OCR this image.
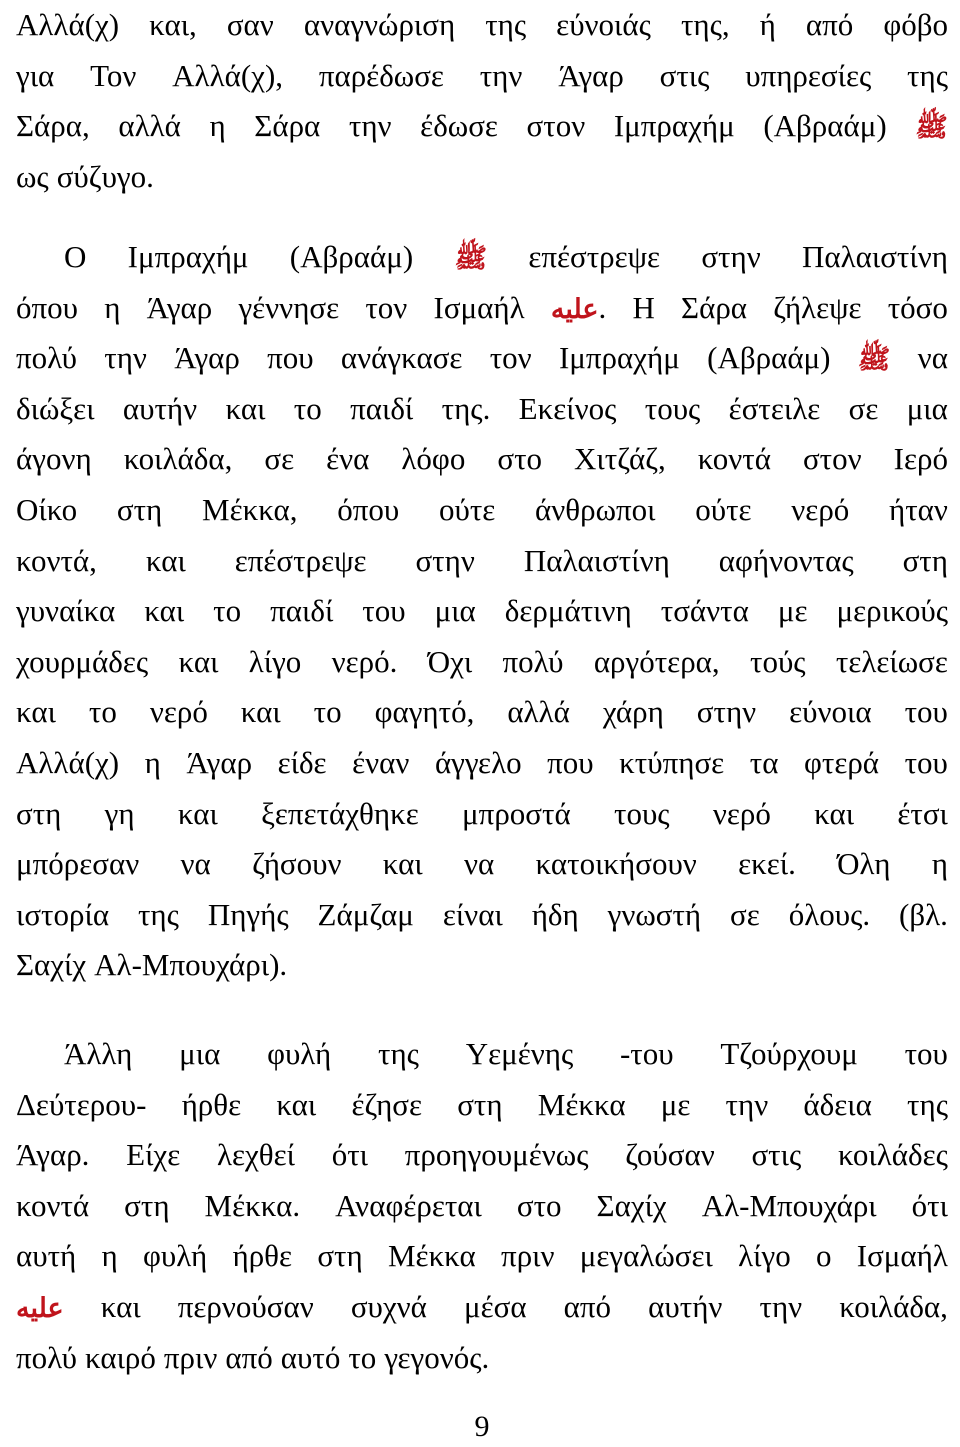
Αλλά(χ) και, σαν αναγνώριση της εύνοιάς της, ή από φόβο
για Τον Αλλά(χ), παρέδωσε την Άγαρ στις υπηρεσίες της
Σάρα, αλλά η Σάρα την έδωσε στον Ιμπραχήμ (Αβραάμ) ﷺ
ως σύζυγο.
Ο Ιμπραχήμ (Αβραάμ) ﷺ επέστρεψε στην Παλαιστίνη
όπου η Άγαρ γέννησε τον Ισμαήλ عليه. Η Σάρα ζήλεψε τόσο
πολύ την Άγαρ που ανάγκασε τον Ιμπραχήμ (Αβραάμ) ﷺ να
διώξει αυτήν και το παιδί της. Εκείνος τους έστειλε σε μια
άγονη κοιλάδα, σε ένα λόφο στο Χιτζάζ, κοντά στον Ιερό
Οίκο στη Μέκκα, όπου ούτε άνθρωποι ούτε νερό ήταν
κοντά, και επέστρεψε στην Παλαιστίνη αφήνοντας στη
γυναίκα και το παιδί του μια δερμάτινη τσάντα με μερικούς
χουρμάδες και λίγο νερό. Όχι πολύ αργότερα, τούς τελείωσε
και το νερό και το φαγητό, αλλά χάρη στην εύνοια του
Αλλά(χ) η Άγαρ είδε έναν άγγελο που κτύπησε τα φτερά του
στη γη και ξεπετάχθηκε μπροστά τους νερό και έτσι
μπόρεσαν να ζήσουν και να κατοικήσουν εκεί. Όλη η
ιστορία της Πηγής Ζάμζαμ είναι ήδη γνωστή σε όλους. (βλ.
Σαχίχ Αλ-Μπουχάρι).
Άλλη μια φυλή της Υεμένης -του Τζούρχουμ του
Δεύτερου- ήρθε και έζησε στη Μέκκα με την άδεια της
Άγαρ. Είχε λεχθεί ότι προηγουμένως ζούσαν στις κοιλάδες
κοντά στη Μέκκα. Αναφέρεται στο Σαχίχ Αλ-Μπουχάρι ότι
αυτή η φυλή ήρθε στη Μέκκα πριν μεγαλώσει λίγο ο Ισμαήλ
عليه και περνούσαν συχνά μέσα από αυτήν την κοιλάδα,
πολύ καιρό πριν από αυτό το γεγονός.
9
